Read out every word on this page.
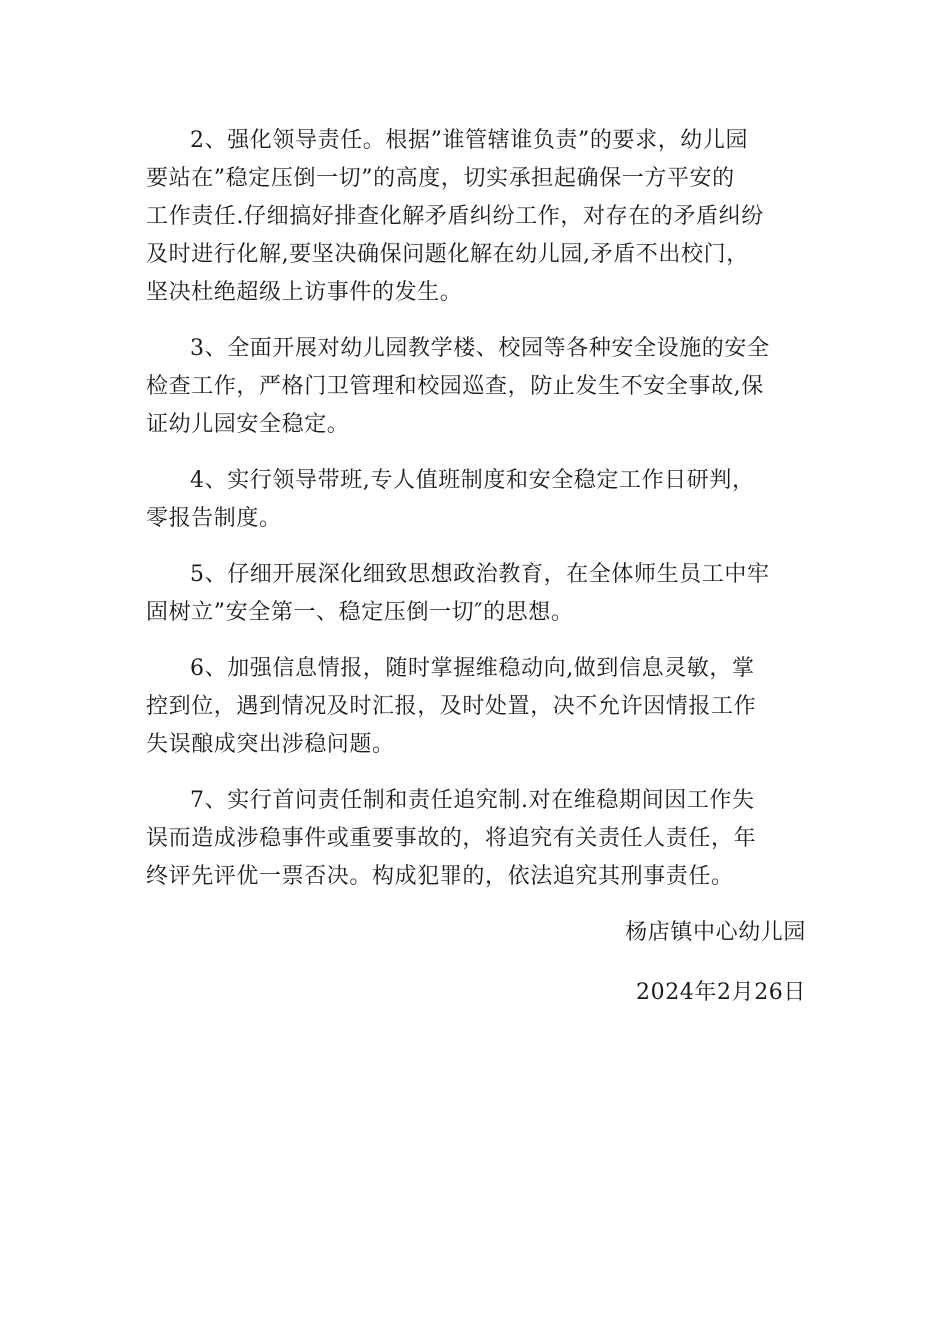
2、强化领导责任。根据”谁管辖谁负责”的要求，幼儿园
要站在”稳定压倒一切”的高度，切实承担起确保一方平安的
工作责任.仔细搞好排查化解矛盾纠纷工作，对存在的矛盾纠纷
及时进行化解,要坚决确保问题化解在幼儿园,矛盾不出校门，
坚决杜绝超级上访事件的发生。

3、全面开展对幼儿园教学楼、校园等各种安全设施的安全
检查工作，严格门卫管理和校园巡查，防止发生不安全事故,保
证幼儿园安全稳定。

4、实行领导带班,专人值班制度和安全稳定工作日研判，
零报告制度。

5、仔细开展深化细致思想政治教育，在全体师生员工中牢
固树立”安全第一、稳定压倒一切″的思想。

6、加强信息情报，随时掌握维稳动向,做到信息灵敏，掌
控到位，遇到情况及时汇报，及时处置，决不允许因情报工作
失误酿成突出涉稳问题。

7、实行首问责任制和责任追究制.对在维稳期间因工作失
误而造成涉稳事件或重要事故的，将追究有关责任人责任，年
终评先评优一票否决。构成犯罪的，依法追究其刑事责任。

杨店镇中心幼儿园

2024年2月26日
